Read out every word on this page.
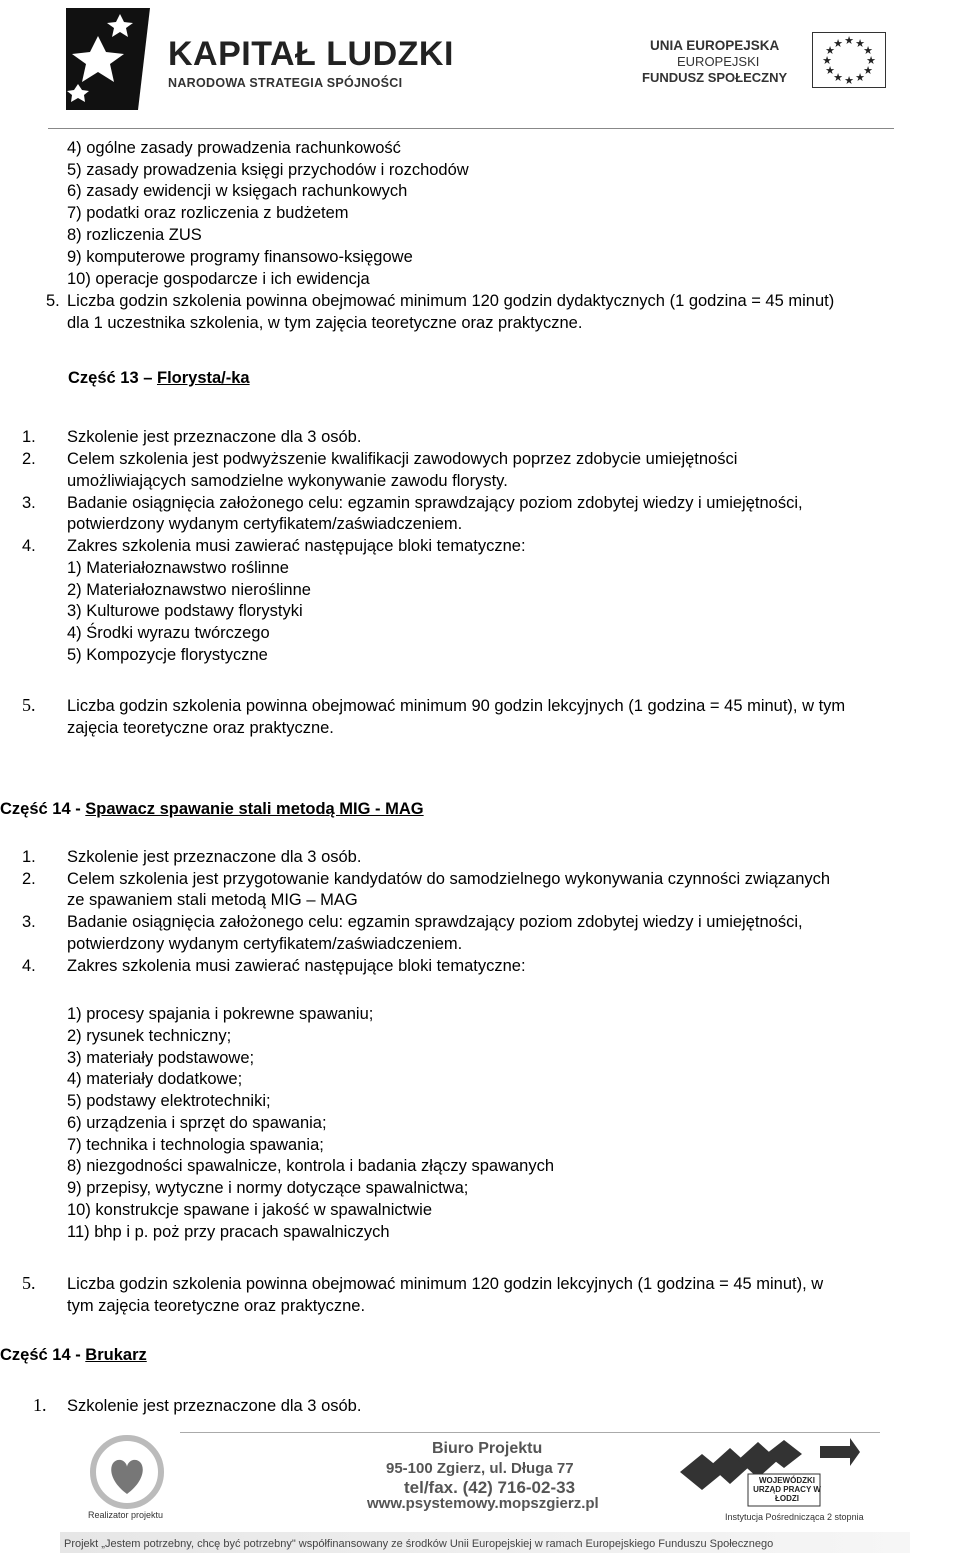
KAPITAŁ LUDZKI
NARODOWA STRATEGIA SPÓJNOŚCI
UNIA EUROPEJSKA
EUROPEJSKI
FUNDUSZ SPOŁECZNY
★ ★
★
★
★
★
★
★
★
★
★
★
4) ogólne zasady prowadzenia rachunkowość
5) zasady prowadzenia księgi przychodów i rozchodów
6) zasady ewidencji w księgach rachunkowych
7) podatki oraz rozliczenia z budżetem
8) rozliczenia ZUS
9) komputerowe programy finansowo-księgowe
10) operacje gospodarcze i ich ewidencja
5. Liczba godzin szkolenia powinna obejmować minimum 120 godzin dydaktycznych (1 godzina = 45 minut)
dla 1 uczestnika szkolenia, w tym zajęcia teoretyczne oraz praktyczne.
Część 13 – Florysta/-ka
1. Szkolenie jest przeznaczone dla 3 osób.
2. Celem szkolenia jest podwyższenie kwalifikacji zawodowych poprzez zdobycie umiejętności
umożliwiających samodzielne wykonywanie zawodu florysty.
3. Badanie osiągnięcia założonego celu: egzamin sprawdzający poziom zdobytej wiedzy i umiejętności,
potwierdzony wydanym certyfikatem/zaświadczeniem.
4. Zakres szkolenia musi zawierać następujące bloki tematyczne:
1) Materiałoznawstwo roślinne
2) Materiałoznawstwo nieroślinne
3) Kulturowe podstawy florystyki
4) Środki wyrazu twórczego
5) Kompozycje florystyczne
5. Liczba godzin szkolenia powinna obejmować minimum 90 godzin lekcyjnych (1 godzina = 45 minut), w tym
zajęcia teoretyczne oraz praktyczne.
Część 14 - Spawacz spawanie stali metodą MIG - MAG
1. Szkolenie jest przeznaczone dla 3 osób.
2. Celem szkolenia jest przygotowanie kandydatów do samodzielnego wykonywania czynności związanych
ze spawaniem stali metodą MIG – MAG
3. Badanie osiągnięcia założonego celu: egzamin sprawdzający poziom zdobytej wiedzy i umiejętności,
potwierdzony wydanym certyfikatem/zaświadczeniem.
4. Zakres szkolenia musi zawierać następujące bloki tematyczne:
1) procesy spajania i pokrewne spawaniu;
2) rysunek techniczny;
3) materiały podstawowe;
4) materiały dodatkowe;
5) podstawy elektrotechniki;
6) urządzenia i sprzęt do spawania;
7) technika i technologia spawania;
8) niezgodności spawalnicze, kontrola i badania złączy spawanych
9) przepisy, wytyczne i normy dotyczące spawalnictwa;
10) konstrukcje spawane i jakość w spawalnictwie
11) bhp i p. poż przy pracach spawalniczych
5. Liczba godzin szkolenia powinna obejmować minimum 120 godzin lekcyjnych (1 godzina = 45 minut), w
tym zajęcia teoretyczne oraz praktyczne.
Część 14 - Brukarz
1. Szkolenie jest przeznaczone dla 3 osób.
Realizator projektu
Biuro Projektu
95-100 Zgierz, ul. Długa 77
tel/fax. (42) 716-02-33
www.psystemowy.mopszgierz.pl
WOJEWÓDZKI URZĄD PRACY W ŁODZI
Instytucja Pośrednicząca 2 stopnia
Projekt „Jestem potrzebny, chcę być potrzebny" współfinansowany ze środków Unii Europejskiej w ramach Europejskiego Funduszu Społecznego
